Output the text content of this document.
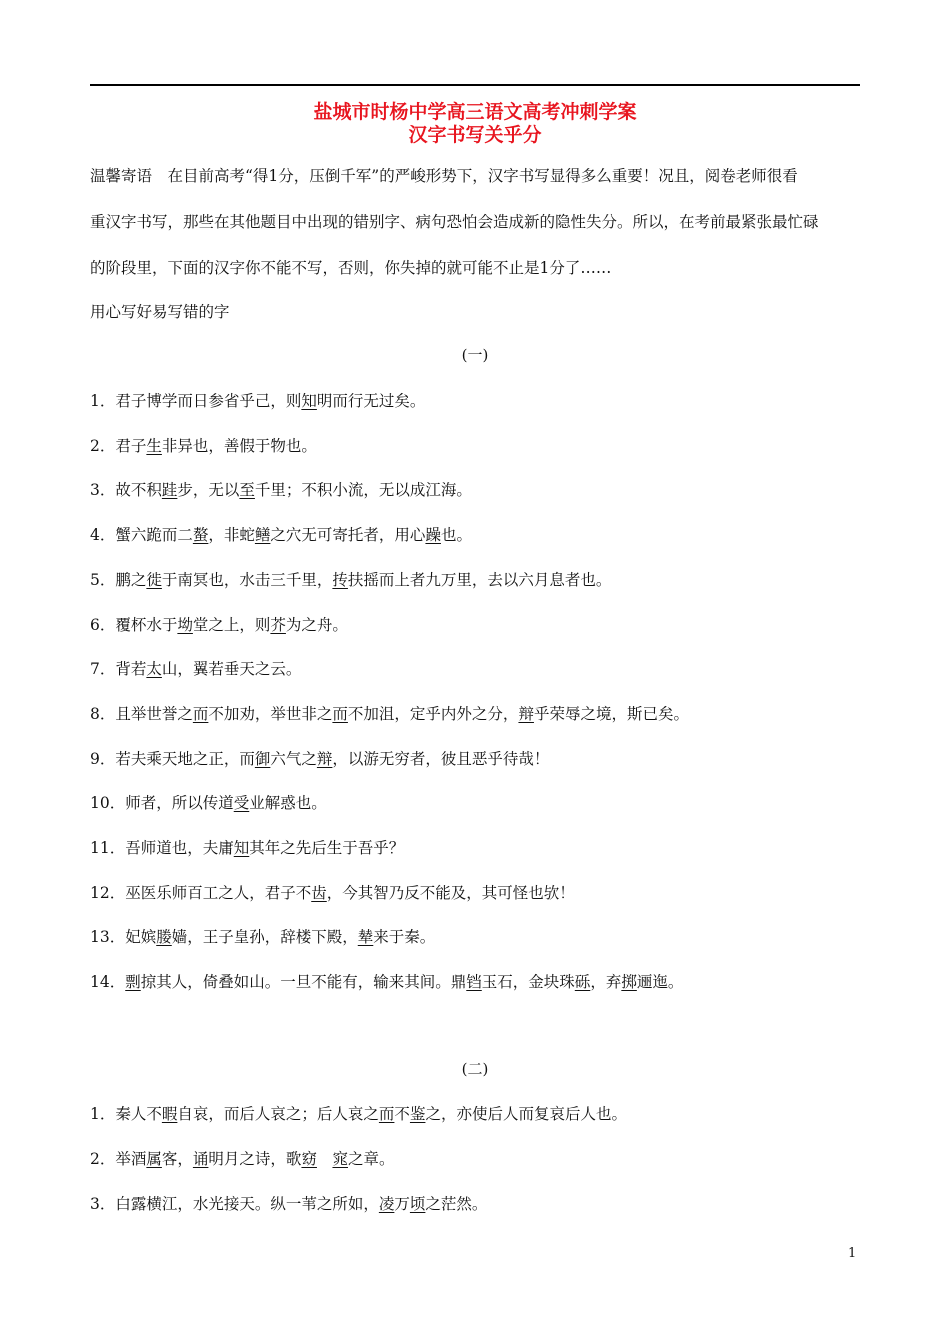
盐城市时杨中学高三语文高考冲刺学案
汉字书写关乎分
温馨寄语　在目前高考“得1分，压倒千军”的严峻形势下，汉字书写显得多么重要！况且，阅卷老师很看
重汉字书写，那些在其他题目中出现的错别字、病句恐怕会造成新的隐性失分。所以，在考前最紧张最忙碌
的阶段里，下面的汉字你不能不写，否则，你失掉的就可能不止是1分了……
用心写好易写错的字
(一)
1．君子博学而日参省乎己，则知明而行无过矣。
2．君子生非异也，善假于物也。
3．故不积跬步，无以至千里；不积小流，无以成江海。
4．蟹六跪而二螯，非蛇鳝之穴无可寄托者，用心躁也。
5．鹏之徙于南冥也，水击三千里，抟扶摇而上者九万里，去以六月息者也。
6．覆杯水于坳堂之上，则芥为之舟。
7．背若太山，翼若垂天之云。
8．且举世誉之而不加劝，举世非之而不加沮，定乎内外之分，辩乎荣辱之境，斯已矣。
9．若夫乘天地之正，而御六气之辩，以游无穷者，彼且恶乎待哉！
10．师者，所以传道受业解惑也。
11．吾师道也，夫庸知其年之先后生于吾乎？
12．巫医乐师百工之人，君子不齿，今其智乃反不能及，其可怪也欤！
13．妃嫔媵嫱，王子皇孙，辞楼下殿，辇来于秦。
14．剽掠其人，倚叠如山。一旦不能有，输来其间。鼎铛玉石，金块珠砾，弃掷逦迤。
(二)
1．秦人不暇自哀，而后人哀之；后人哀之而不鉴之，亦使后人而复哀后人也。
2．举酒属客，诵明月之诗，歌窈　 窕之章。
3．白露横江，水光接天。纵一苇之所如，凌万顷之茫然。
1
